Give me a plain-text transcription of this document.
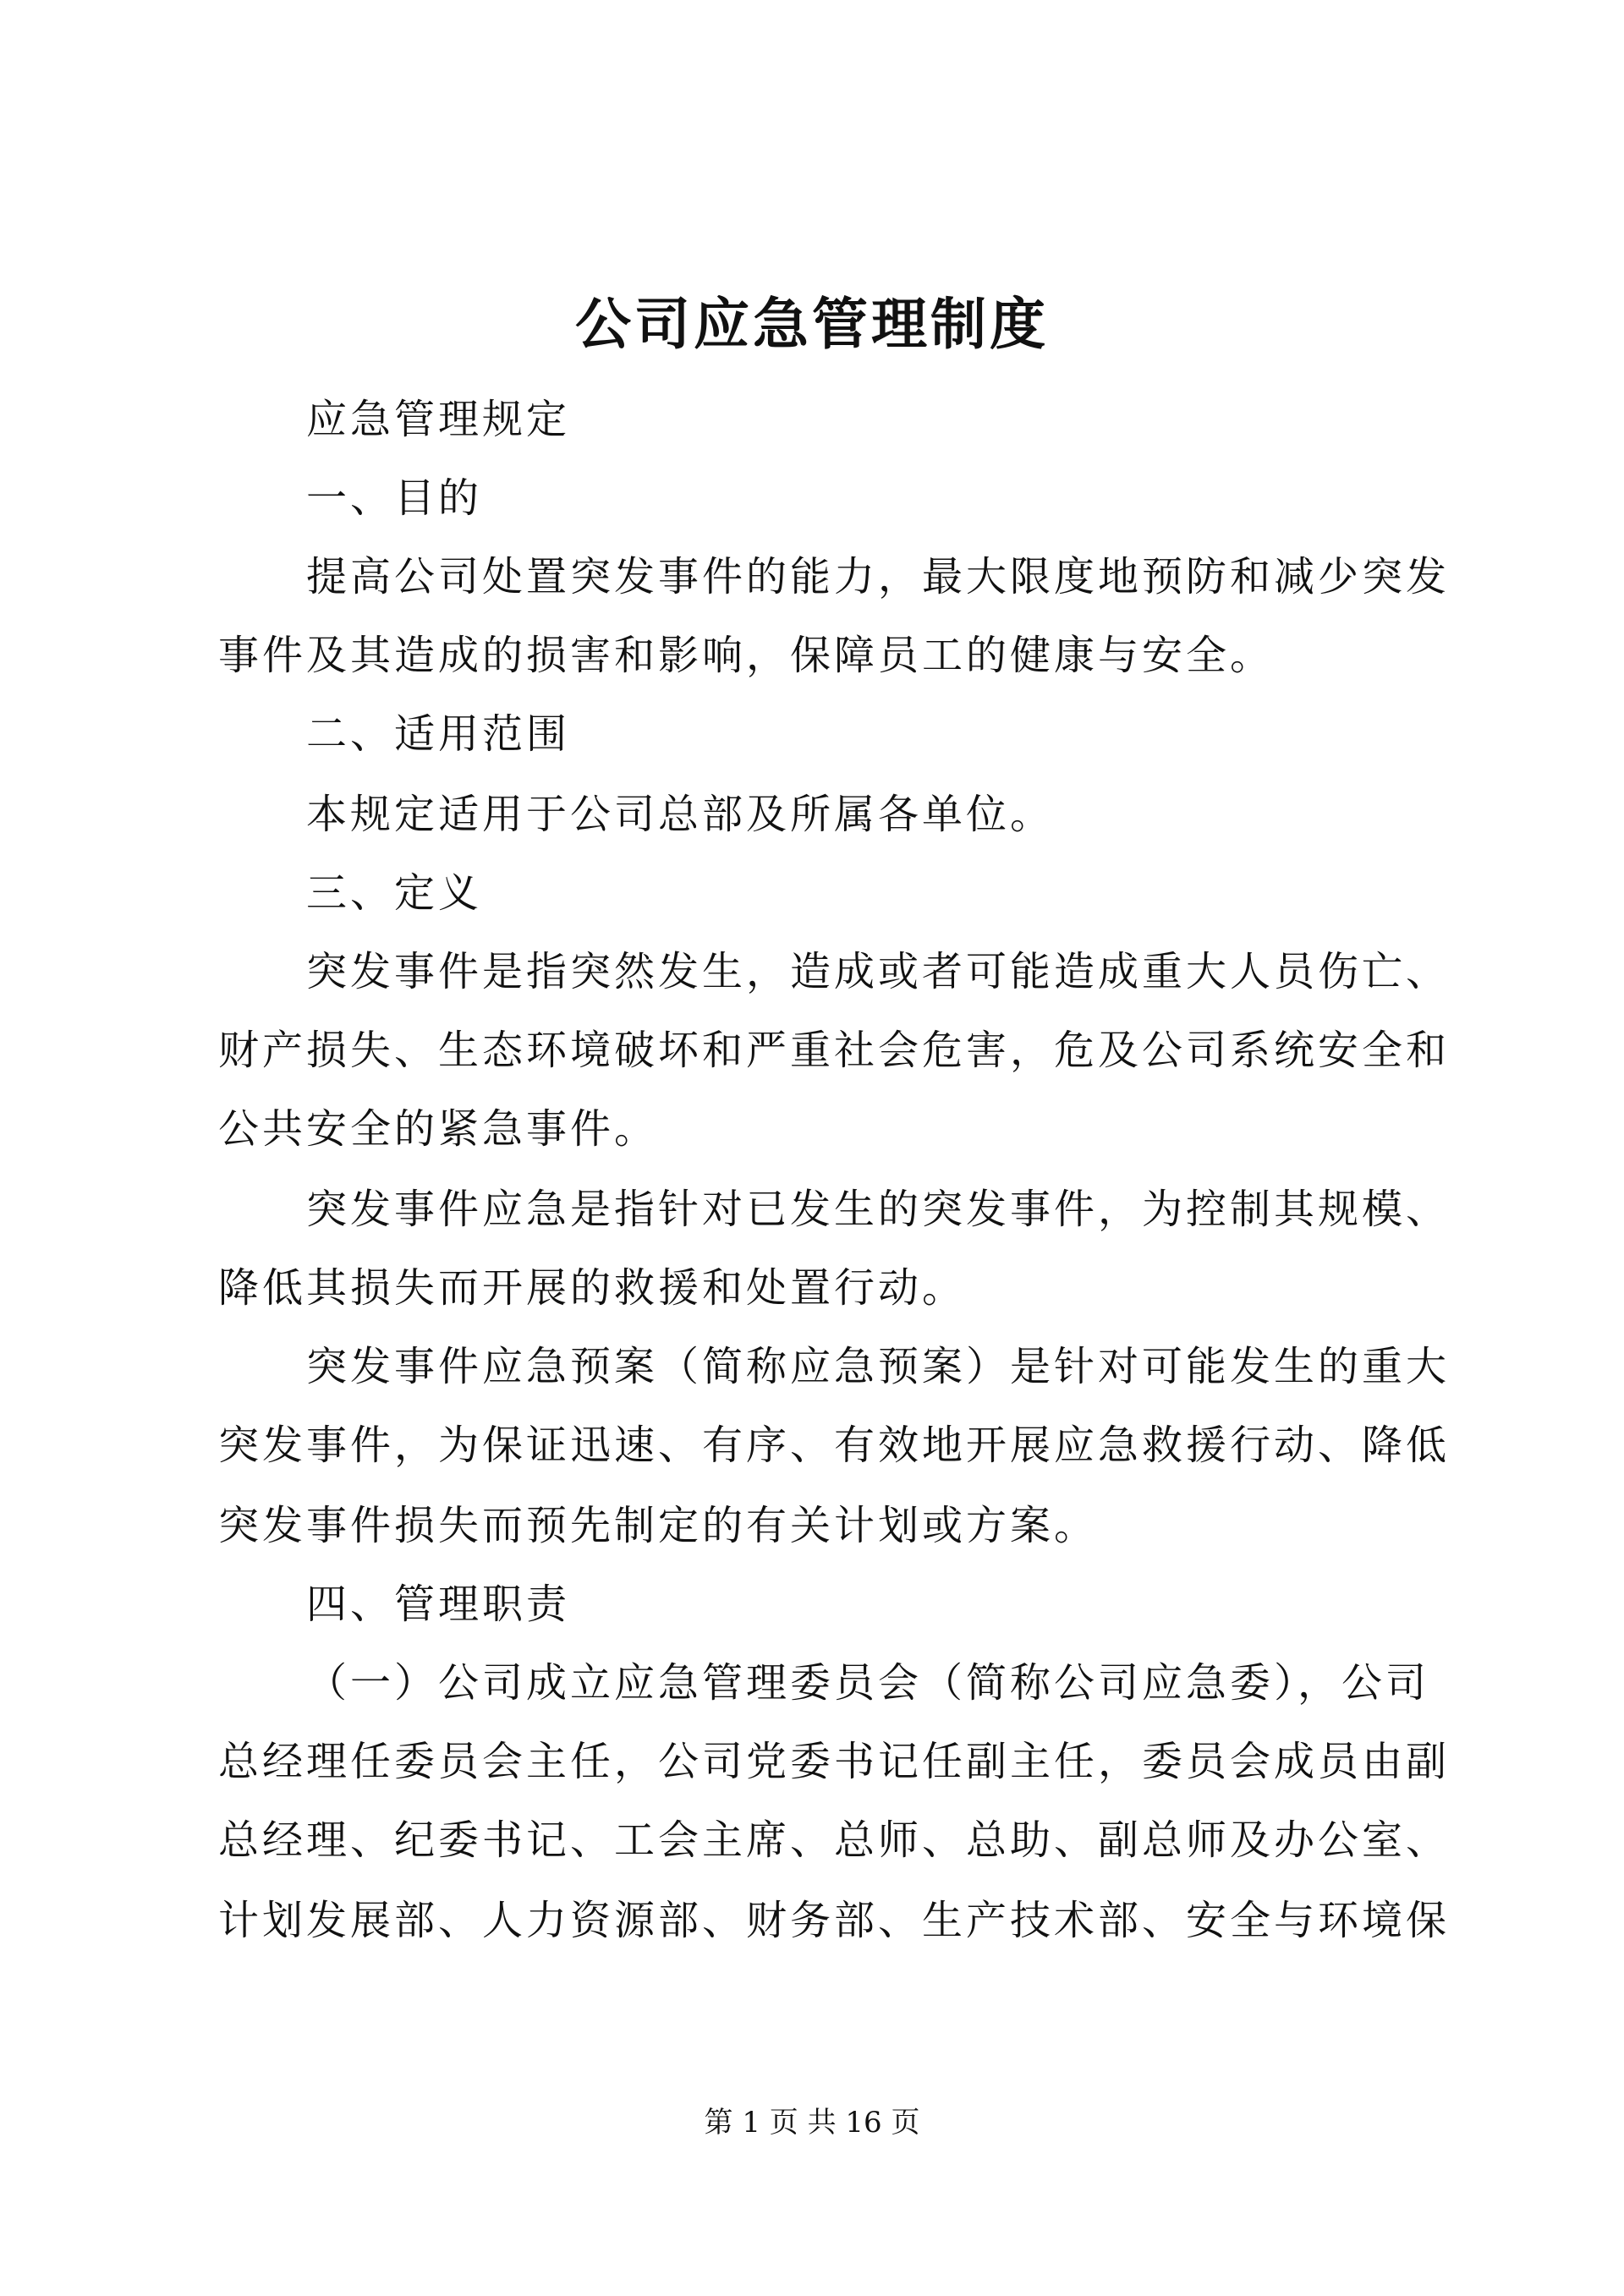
公司应急管理制度
应急管理规定
一、目的
提高公司处置突发事件的能力，最大限度地预防和减少突发
事件及其造成的损害和影响，保障员工的健康与安全。
二、适用范围
本规定适用于公司总部及所属各单位。
三、定义
突发事件是指突然发生，造成或者可能造成重大人员伤亡、
财产损失、生态环境破坏和严重社会危害，危及公司系统安全和
公共安全的紧急事件。
突发事件应急是指针对已发生的突发事件，为控制其规模、
降低其损失而开展的救援和处置行动。
突发事件应急预案（简称应急预案）是针对可能发生的重大
突发事件，为保证迅速、有序、有效地开展应急救援行动、降低
突发事件损失而预先制定的有关计划或方案。
四、管理职责
（一）公司成立应急管理委员会（简称公司应急委），公司
总经理任委员会主任，公司党委书记任副主任，委员会成员由副
总经理、纪委书记、工会主席、总师、总助、副总师及办公室、
计划发展部、人力资源部、财务部、生产技术部、安全与环境保
第 1 页 共 16 页
